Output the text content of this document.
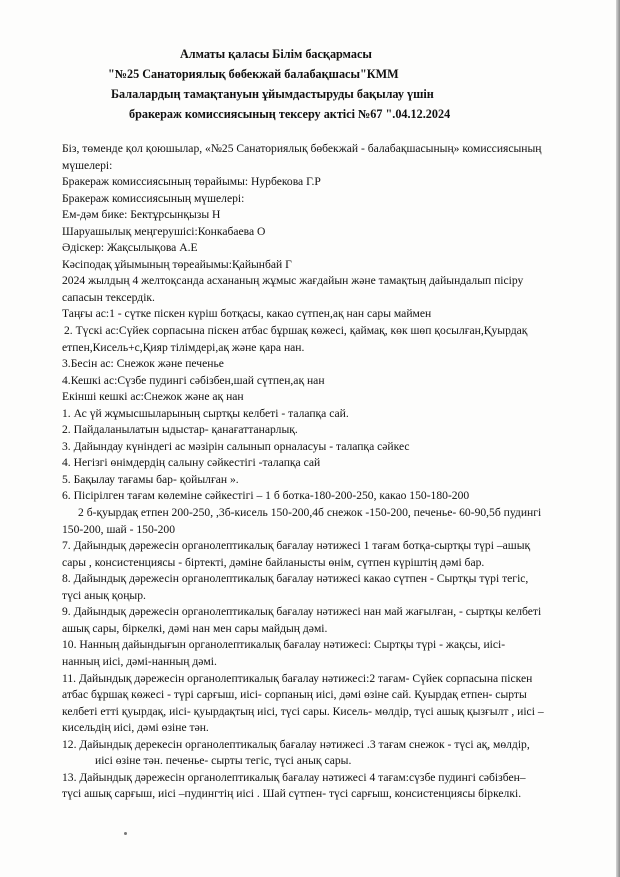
Алматы қаласы Білім басқармасы
"№25 Санаториялық бөбекжай балабақшасы"КММ
Балалардың тамақтануын ұйымдастыруды бақылау үшін
бракераж комиссиясының тексеру актісі №67 ".04.12.2024
Біз, төменде қол қоюшылар, «№25 Санаториялық бөбекжай - балабақшасының» комиссиясының
мүшелері:
Бракераж комиссиясының төрайымы: Нурбекова Г.Р
Бракераж комиссиясының мүшелері:
Ем-дәм бике: Бектұрсынқызы Н
Шаруашылық меңгерушісі:Конкабаева О
Әдіскер: Жақсылықова А.Е
Кәсіподақ ұйымының төреайымы:Қайынбай Г
2024 жылдың 4 желтоқсанда асхананың жұмыс жағдайын және тамақтың дайындалып пісіру
сапасын тексердік.
Таңғы ас:1 - сүтке піскен күріш ботқасы, какао сүтпен,ақ нан сары маймен
2. Түскі ас:Сүйек сорпасына піскен атбас бұршақ көжесі, қаймақ, көк шөп қосылған,Қуырдақ
етпен,Кисель+с,Қияр тілімдері,ақ және қара нан.
3.Бесін ас: Снежок және печенье
4.Кешкі ас:Сүзбе пудингі сәбізбен,шай сүтпен,ақ нан
Екінші кешкі ас:Снежок және ақ нан
1. Ас үй жұмысшыларының сыртқы келбеті - талапқа сай.
2. Пайдаланылатын ыдыстар- қанағаттанарлық.
3. Дайындау күніндегі ас мәзірін салынып орналасуы - талапқа сәйкес
4. Негізгі өнімдердің салыну сәйкестігі -талапқа сай
5. Бақылау тағамы бар- қойылған ».
6. Пісірілген тағам көлеміне сәйкестігі – 1 б ботка-180-200-250, какао 150-180-200
2 б-қуырдақ етпен 200-250, ,3б-кисель 150-200,4б снежок -150-200, печенье- 60-90,5б пудингі
150-200, шай - 150-200
7. Дайындық дәрежесін органолептикалық бағалау нәтижесі 1 тағам ботқа-сыртқы түрі –ашық
сары , консистенциясы - біртекті, дәміне байланысты өнім, сүтпен күріштің дәмі бар.
8. Дайындық дәрежесін органолептикалық бағалау нәтижесі какао сүтпен - Сыртқы түрі тегіс,
түсі анық қоңыр.
9. Дайындық дәрежесін органолептикалық бағалау нәтижесі нан май жағылған, - сыртқы келбеті
ашық сары, біркелкі, дәмі нан мен сары майдың дәмі.
10. Нанның дайындығын органолептикалық бағалау нәтижесі: Сыртқы түрі - жақсы, иісі-
нанның иісі, дәмі-нанның дәмі.
11. Дайындық дәрежесін органолептикалық бағалау нәтижесі:2 тағам- Сүйек сорпасына піскен
атбас бұршақ көжесі - түрі сарғыш, иісі- сорпаның иісі, дәмі өзіне сай. Қуырдақ етпен- сырты
келбеті етті қуырдақ, иісі- қуырдақтың иісі, түсі сары. Кисель- мөлдір, түсі ашық қызғылт , иісі –
кисельдің иісі, дәмі өзіне тән.
12. Дайындық дерекесін органолептикалық бағалау нәтижесі .3 тағам снежок - түсі ақ, мөлдір,
иісі өзіне тән. печенье- сырты тегіс, түсі анық сары.
13. Дайындық дәрежесін органолептикалық бағалау нәтижесі 4 тағам:сүзбе пудингі сәбізбен–
түсі ашық сарғыш, иісі –пудингтің иісі . Шай сүтпен- түсі сарғыш, консистенциясы біркелкі.
